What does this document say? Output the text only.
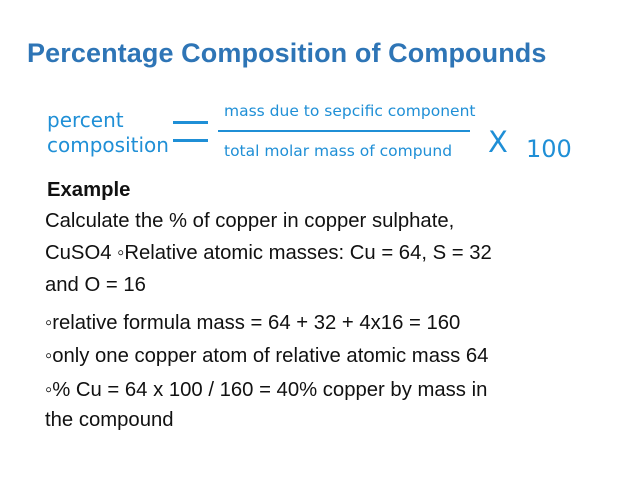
Percentage Composition of Compounds
percent
composition
mass due to sepcific component
total molar mass of compund X 100
Example
Calculate the % of copper in copper sulphate,
CuSO4 ◦Relative atomic masses: Cu = 64, S = 32
and O = 16
◦relative formula mass = 64 + 32 + 4x16 = 160
◦only one copper atom of relative atomic mass 64
◦% Cu = 64 x 100 / 160 = 40% copper by mass in
the compound
